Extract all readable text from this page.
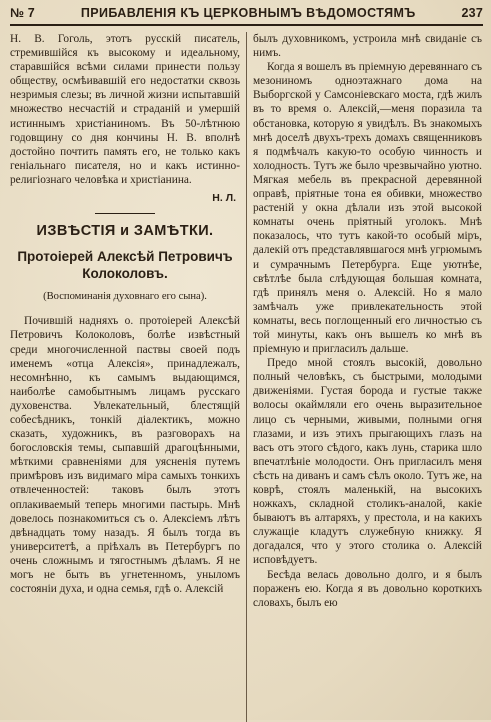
№ 7	ПРИБАВЛЕНІЯ КЪ ЦЕРКОВНЫМЪ ВѢДОМОСТЯМЪ	237

Н. В. Гоголь, этотъ русскій писатель, стремившійся къ высокому и идеальному, старавшійся всѣми силами принести пользу обществу, осмѣивавшій его недостатки сквозь незримыя слезы; въ личной жизни испытавшій множество несчастій и страданій и умершій истиннымъ христіаниномъ. Въ 50-лѣтнюю годовщину со дня кончины Н. В. вполнѣ достойно почтить память его, не только какъ геніальнаго писателя, но и какъ истинно-религіознаго человѣка и христіанина.

Н. Л.
ИЗВѢСТІЯ и ЗАМѢТКИ.
Протоіерей Алексѣй Петровичъ Колоколовъ.
(Воспоминанія духовнаго его сына).

Почившій надняхъ о. протоіерей Алексѣй Петровичъ Колоколовъ, болѣе извѣстный среди многочисленной паствы своей подъ именемъ «отца Алексія», принадлежалъ, несомнѣнно, къ самымъ выдающимся, наиболѣе самобытнымъ лицамъ русскаго духовенства. Увлекательный, блестящій собесѣдникъ, тонкій діалектикъ, можно сказать, художникъ, въ разговорахъ на богословскія темы, сыпавшій драгоцѣнными, мѣткими сравненіями для уясненія путемъ примѣровъ изъ видимаго міра самыхъ тонкихъ отвлеченностей: таковъ былъ этотъ оплакиваемый теперь многими пастырь. Мнѣ довелось познакомиться съ о. Алексіемъ лѣтъ двѣнадцать тому назадъ. Я былъ тогда въ университетѣ, а пріѣхалъ въ Петербургъ по очень сложнымъ и тягостнымъ дѣламъ. Я не могъ не быть въ угнетенномъ, уныломъ состояніи духа, и одна семья, гдѣ о. Алексій

былъ духовникомъ, устроила мнѣ свиданіе съ нимъ.

Когда я вошелъ въ пріемную деревяннаго съ мезониномъ одноэтажнаго дома на Выборгской у Самсоніевскаго моста, гдѣ жилъ въ то время о. Алексій,—меня поразила та обстановка, которую я увидѣлъ. Въ знакомыхъ мнѣ доселѣ двухъ-трехъ домахъ священниковъ я подмѣчалъ какую-то особую чинность и холодность. Тутъ же было чрезвычайно уютно. Мягкая мебель въ прекрасной деревянной оправѣ, пріятные тона ея обивки, множество растеній у окна дѣлали изъ этой высокой комнаты очень пріятный уголокъ. Мнѣ показалось, что тутъ какой-то особый міръ, далекій отъ представлявшагося мнѣ угрюмымъ и сумрачнымъ Петербурга. Еще уютнѣе, свѣтлѣе была слѣдующая большая комната, гдѣ принялъ меня о. Алексій. Но я мало замѣчалъ уже привлекательность этой комнаты, весь поглощенный его личностью съ той минуты, какъ онъ вышелъ ко мнѣ въ пріемную и пригласилъ дальше.

Предо мной стоялъ высокій, довольно полный человѣкъ, съ быстрыми, молодыми движеніями. Густая борода и густые также волосы окаймляли его очень выразительное лицо съ черными, живыми, полными огня глазами, и изъ этихъ прыгающихъ глазъ на васъ отъ этого сѣдого, какъ лунь, старика шло впечатлѣніе молодости. Онъ пригласилъ меня сѣсть на диванъ и самъ сѣлъ около. Тутъ же, на коврѣ, стоялъ маленькій, на высокихъ ножкахъ, складной столикъ-аналой, какіе бываютъ въ алтаряхъ, у престола, и на какихъ служащіе кладутъ служебную книжку. Я догадался, что у этого столика о. Алексій исповѣдуетъ.

Бесѣда велась довольно долго, и я былъ пораженъ ею. Когда я въ довольно короткихъ словахъ, былъ ею
